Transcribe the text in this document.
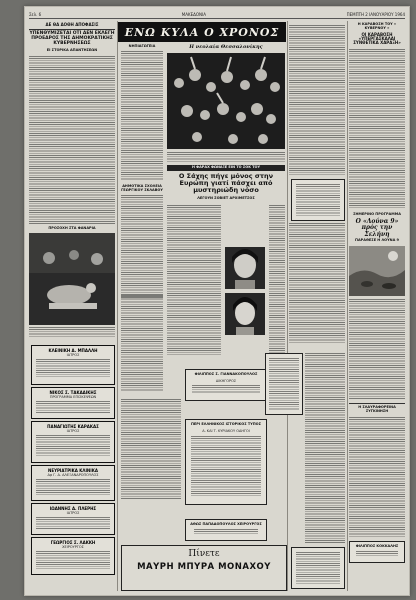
Σελ. 6	ΜΑΚΕΔΟΝΙΑ	ΠΕΜΠΤΗ 2 ΙΑΝΟΥΑΡΙΟΥ 1964
ΔΕ ΘΑ ΔΟΘΗ ΑΠΟΦΑΣΙΣ
ΥΠΕΝΘΥΜΙΖΕΤΑΙ ΟΤΙ ΔΕΝ ΕΚΛΕΓΗ ΠΡΟΕΔΡΟΣ ΤΗΣ ΔΗΜΟΚΡΑΤΙΚΗΣ ΚΥΒΕΡΝΗΣΕΩΣ
ΕΙ ΣΤΟΡΙΚΑ ΑΠΑΝΤΗΣΕΩΝ
ΠΡΟΣΟΧΗ ΣΤΑ ΦΑΝΑΡΙΑ
ΚΛΕΙΝΙΚΗ Δ. ΜΠΑΛΛΗ
ΙΑΤΡΟΣ
ΝΙΚΟΣ Σ. ΤΑΚΑΔΙΚΗΣ
ΠΡΟΓΡΑΜΜΑ ΕΠΙΣΚΕΨΕΩΝ
ΠΑΝΑΓΙΩΤΗΣ ΚΑΡΑΚΑΣ
ΙΑΤΡΟΣ
ΝΕΥΡΙΑΤΡΙΚΑ ΚΛΙΝΙΚΑ
Δρ Γ. Δ. ΑΛΕΞΑΝΔΡΟΠΟΥΛΟΣ
ΙΩΑΝΝΗΣ Α. ΠΛΕΡΗΣ
ΙΑΤΡΟΣ
ΓΕΩΡΓΙΟΣ Σ. ΛΑΚΚΗ
ΧΕΙΡΟΥΡΓΟΣ
ΕΝΩ ΚΥΛΑ Ο ΧΡΟΝΟΣ
ΝΗΠΙΑΓΩΓΕΙΑ
ΔΗΜΟΤΙΚΑ ΣΧΟΛΕΙΑ ΓΕΩΡΓΙΚΟΥ ΣΚΛΑΒΟΥ
Η νεολαία Θεσσαλονίκης
Η ΦΑΡΑΧ ΦΩΝΑΞΕ ΕΙΝ ΤΟ ΣΟΚ ΤΟΥ
Ο Σάχης πήγε μόνος στην Ευρώπη γιατί πάσχει από μυστηριώδη νόσο
ΛΕΓΟΥΝ ΣΟΒΙΕΤ ΑΡΧΙΜΕΤΣΟΣ
ΦΙΛΙΠΠΟΣ Σ. ΓΙΑΝΝΑΚΟΠΟΥΛΟΣ
ΔΙΚΗΓΟΡΟΣ
ΠΕΡΙ ΕΛΛΗΝΙΚΟΣ ΙΣΤΟΡΙΚΟΣ ΤΥΠΟΣ
Α. ΚΑΙ Τ. ΚΥΡΙΑΚΟΥ ΟΔΗΓΟΙ
ΑΘΩΣ ΠΑΠΑΔΟΠΟΥΛΟΣ ΧΕΙΡΟΥΡΓΟΣ
Πίνετε
ΜΑΥΡΗ ΜΠΥΡΑ ΜΟΝΑΧΟΥ
Η ΚΑΡΑΒΟΣΗ ΤΟΥ « ΚΥΒΕΡΝΟΥ »
ΟΙ ΚΑΡΑΒΟΣΗ «ΥΠΕΡΓΑΣΚΑΛΑΙ ΣΥΝΘΕΤΙΚΑ ΧΑΡΑΞΗ»
ΣΗΜΕΡΙΝΟ ΠΡΟΓΡΑΜΜΑ
Ο «Λούνα 9» πρός την Σελήνη
ΠΑΡΑΘΕΣΕ Η ΛΟΥΝΑ 9
Η ΣΛΑΥΡΑΦΟΡΕΙΝΑ ΣΥΓΚΙΝΗΣΗ
ΦΙΛΙΠΠΟΣ ΚΟΚΚΑΛΗΣ
